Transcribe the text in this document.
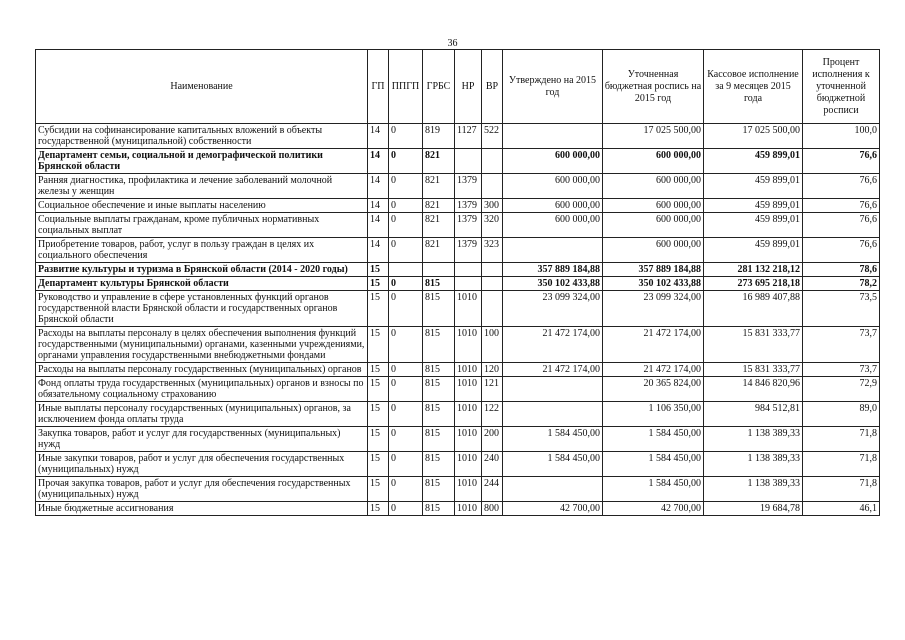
36
Наименование	ГП	ППГП	ГРБС	НР	ВР	Утверждено на 2015 год	Уточненная бюджетная роспись на 2015 год	Кассовое исполнение за 9 месяцев 2015 года	Процент исполнения к уточненной бюджетной росписи
Субсидии на софинансирование капитальных вложений в объекты государственной (муниципальной) собственности	14	0	819	1127	522		17 025 500,00	17 025 500,00	100,0
Департамент семьи, социальной и демографической политики Брянской области	14	0	821			600 000,00	600 000,00	459 899,01	76,6
Ранняя диагностика, профилактика и лечение заболеваний молочной железы у женщин	14	0	821	1379		600 000,00	600 000,00	459 899,01	76,6
Социальное обеспечение и иные выплаты населению	14	0	821	1379	300	600 000,00	600 000,00	459 899,01	76,6
Социальные выплаты гражданам, кроме публичных нормативных социальных выплат	14	0	821	1379	320	600 000,00	600 000,00	459 899,01	76,6
Приобретение товаров, работ, услуг в пользу граждан в целях их социального обеспечения	14	0	821	1379	323		600 000,00	459 899,01	76,6
Развитие культуры и туризма в Брянской области (2014 - 2020 годы)	15					357 889 184,88	357 889 184,88	281 132 218,12	78,6
Департамент культуры Брянской области	15	0	815			350 102 433,88	350 102 433,88	273 695 218,18	78,2
Руководство и управление в сфере установленных функций органов государственной власти Брянской области и государственных органов Брянской области	15	0	815	1010		23 099 324,00	23 099 324,00	16 989 407,88	73,5
Расходы на выплаты персоналу в целях обеспечения выполнения функций государственными (муниципальными) органами, казенными учреждениями, органами управления государственными внебюджетными фондами	15	0	815	1010	100	21 472 174,00	21 472 174,00	15 831 333,77	73,7
Расходы на выплаты персоналу государственных (муниципальных) органов	15	0	815	1010	120	21 472 174,00	21 472 174,00	15 831 333,77	73,7
Фонд оплаты труда государственных (муниципальных) органов и взносы по обязательному социальному страхованию	15	0	815	1010	121		20 365 824,00	14 846 820,96	72,9
Иные выплаты персоналу государственных (муниципальных) органов, за исключением фонда оплаты труда	15	0	815	1010	122		1 106 350,00	984 512,81	89,0
Закупка товаров, работ и услуг для государственных (муниципальных) нужд	15	0	815	1010	200	1 584 450,00	1 584 450,00	1 138 389,33	71,8
Иные закупки товаров, работ и услуг для обеспечения государственных (муниципальных) нужд	15	0	815	1010	240	1 584 450,00	1 584 450,00	1 138 389,33	71,8
Прочая закупка товаров, работ и услуг для обеспечения государственных (муниципальных) нужд	15	0	815	1010	244		1 584 450,00	1 138 389,33	71,8
Иные бюджетные ассигнования	15	0	815	1010	800	42 700,00	42 700,00	19 684,78	46,1
